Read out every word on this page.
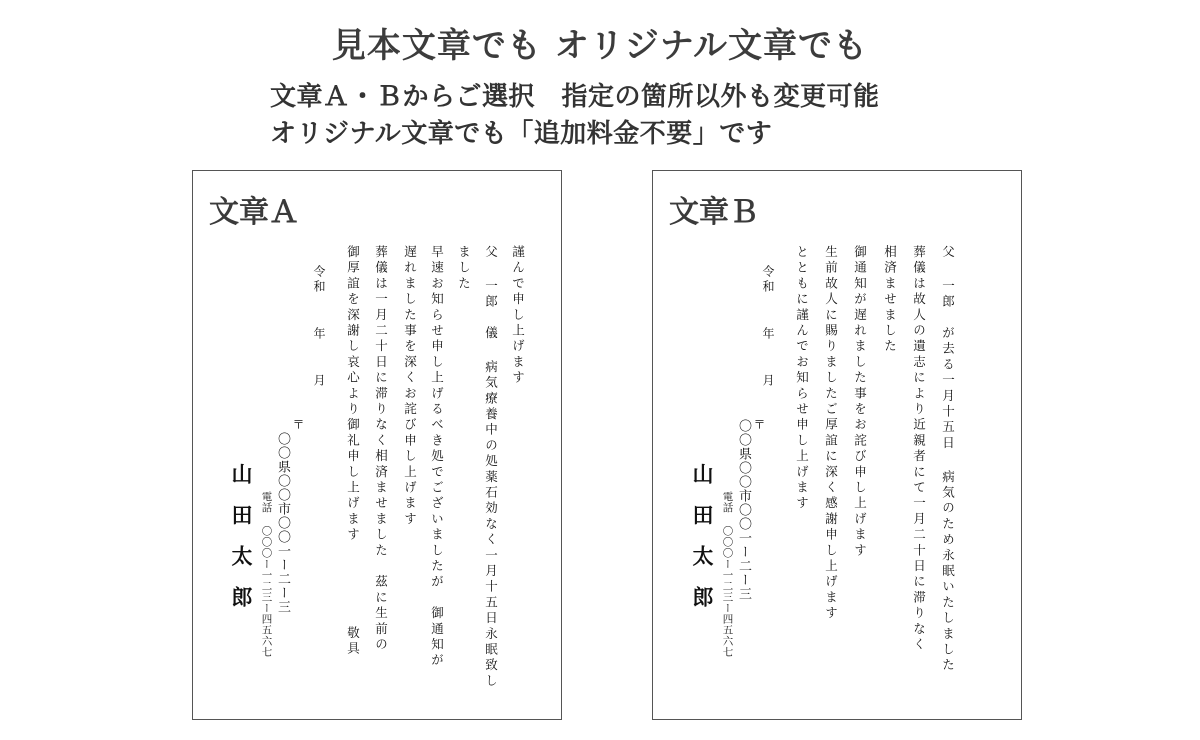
見本文章でも オリジナル文章でも
文章Ａ・Ｂからご選択　指定の箇所以外も変更可能
オリジナル文章でも「追加料金不要」です
文章Ａ
謹んで申し上げます
父 一郎　儀 病気療養中の処薬石効なく一月十五日永眠致し
ました
早速お知らせ申し上げるべき処でございましたが　御通知が
遅れました事を深くお詫び申し上げます
葬儀は一月二十日に滞りなく相済ませました　茲に生前の
御厚誼を深謝し哀心より御礼申し上げます
敬具
令和　 年　 月
〒
〇〇県〇〇市〇〇一ー二ー三
電話 〇〇〇ー一二三ー四五六七
山田太郎
文章Ｂ
父 一郎　が去る一月十五日 病気のため永眠いたしました
葬儀は故人の遺志により近親者にて一月二十日に滞りなく
相済ませました
御通知が遅れました事をお詫び申し上げます
生前故人に賜りましたご厚誼に深く感謝申し上げます
とともに謹んでお知らせ申し上げます
令和　 年　 月
〒
〇〇県〇〇市〇〇一ー二ー三
電話 〇〇〇ー一二三ー四五六七
山田太郎
